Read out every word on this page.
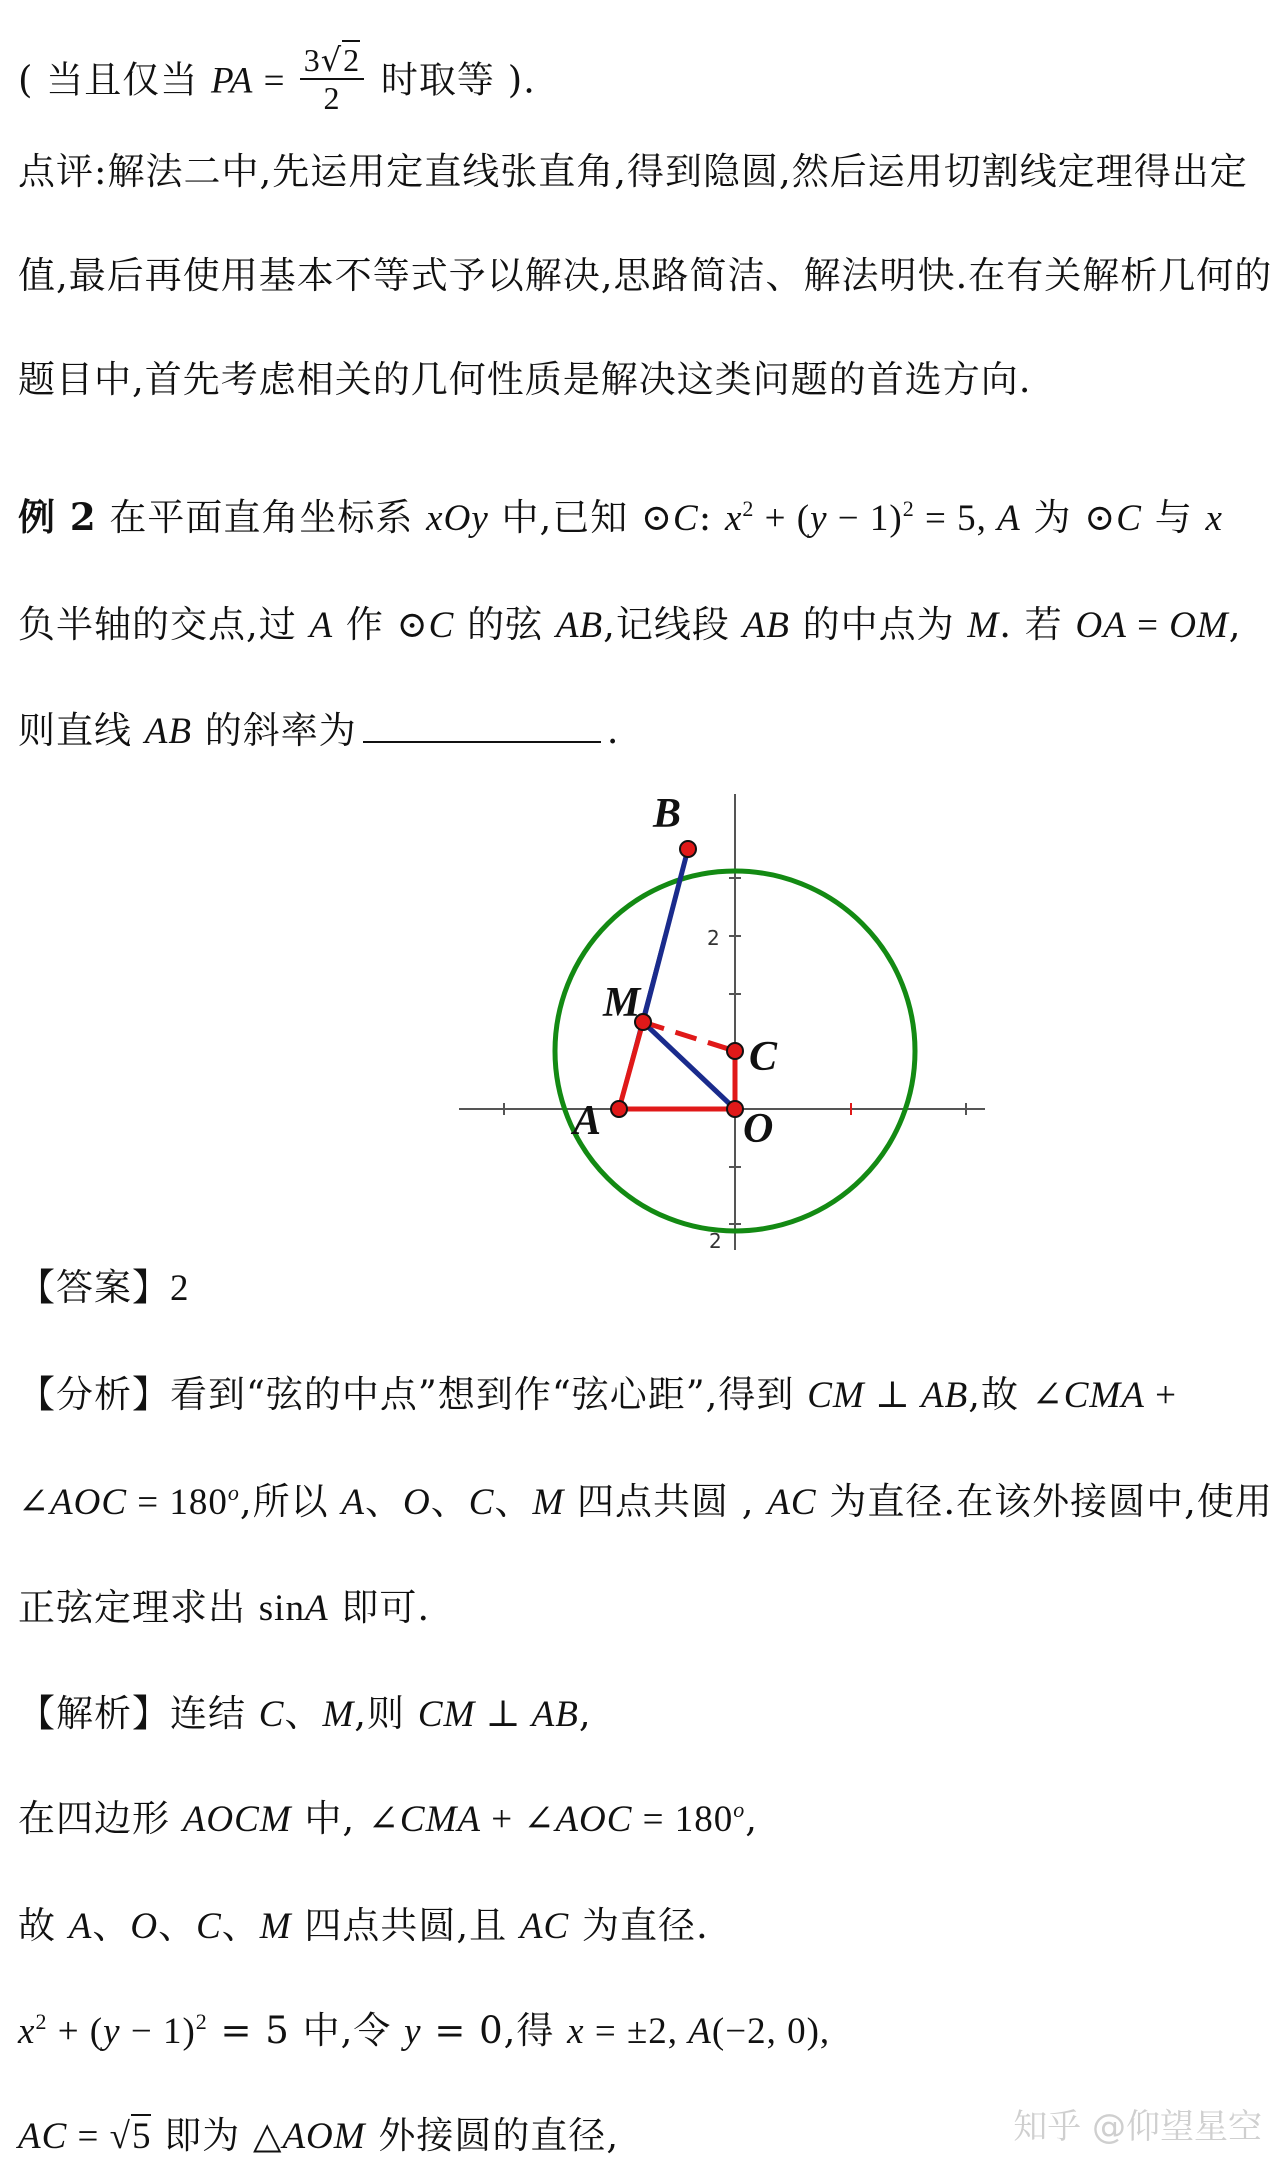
( 当且仅当 PA = $\frac{3√2}{2}$ 时取等 ).
点评:解法二中,先运用定直线张直角,得到隐圆,然后运用切割线定理得出定
值,最后再使用基本不等式予以解决,思路简洁、解法明快.在有关解析几何的
题目中,首先考虑相关的几何性质是解决这类问题的首选方向.
例 2 在平面直角坐标系 xOy 中,已知 ⊙C: $x^2 + (y - 1)^2 = 5$, A 为 ⊙C 与 x
负半轴的交点,过 A 作 ⊙C 的弦 AB,记线段 AB 的中点为 M. 若 OA = OM,
则直线 AB 的斜率为	.
2
2
B
M
C
A	O
【答案】2
【分析】看到“弦的中点”想到作“弦心距”,得到 CM ⊥ AB,故 ∠CMA +
∠AOC = $180^o$,所以 A、O、C、M 四点共圆 , AC 为直径.在该外接圆中,使用
正弦定理求出 sinA 即可.
【解析】连结 C、M,则 CM ⊥ AB,
在四边形 AOCM 中, ∠CMA + ∠AOC = $180^o$,
故 A、O、C、M 四点共圆,且 AC 为直径.
$x^2 + (y - 1)^2 = 5$ 中,令 y = 0,得 x = ±2, A(−2, 0),
AC = √5 即为 △AOM 外接圆的直径,	知乎 @仰望星空
